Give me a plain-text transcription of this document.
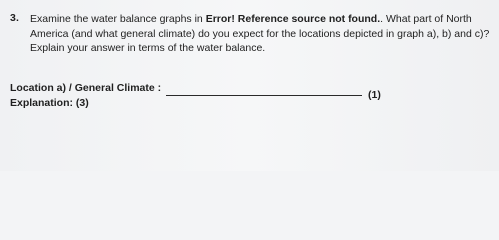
3. Examine the water balance graphs in Error! Reference source not found.. What part of North
America (and what general climate) do you expect for the locations depicted in graph a), b) and c)?
Explain your answer in terms of the water balance.
Location a) / General Climate :
Explanation: (3)
(1)
